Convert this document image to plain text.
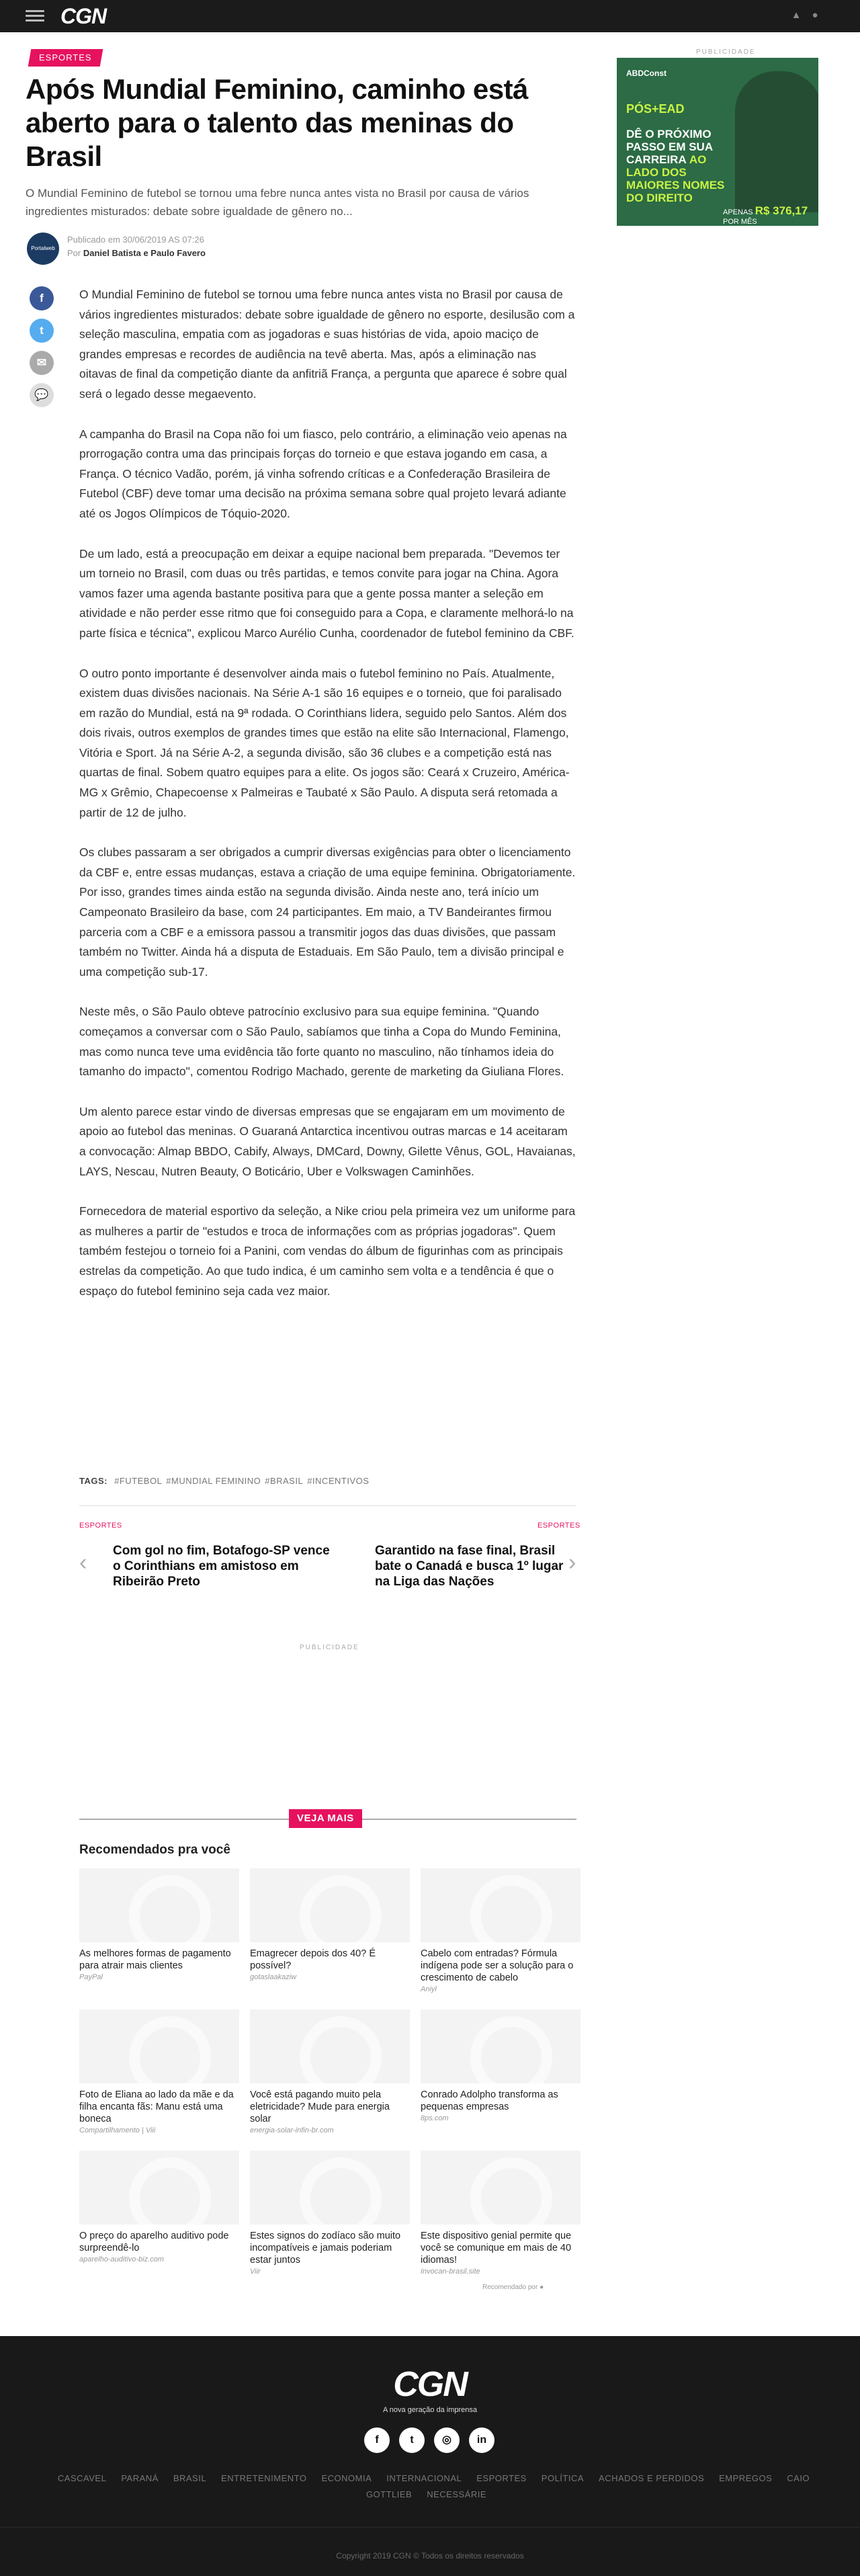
CGN	▲ ●
ESPORTES
Após Mundial Feminino, caminho está aberto para o talento das meninas do Brasil

O Mundial Feminino de futebol se tornou uma febre nunca antes vista no Brasil por causa de vários ingredientes misturados: debate sobre igualdade de gênero no...

Portalweb
Publicado em 30/06/2019 AS 07:26
Por Daniel Batista e Paulo Favero
f
t
✉
💬

O Mundial Feminino de futebol se tornou uma febre nunca antes vista no Brasil por causa de vários ingredientes misturados: debate sobre igualdade de gênero no esporte, desilusão com a seleção masculina, empatia com as jogadoras e suas histórias de vida, apoio maciço de grandes empresas e recordes de audiência na tevê aberta. Mas, após a eliminação nas oitavas de final da competição diante da anfitriã França, a pergunta que aparece é sobre qual será o legado desse megaevento.

A campanha do Brasil na Copa não foi um fiasco, pelo contrário, a eliminação veio apenas na prorrogação contra uma das principais forças do torneio e que estava jogando em casa, a França. O técnico Vadão, porém, já vinha sofrendo críticas e a Confederação Brasileira de Futebol (CBF) deve tomar uma decisão na próxima semana sobre qual projeto levará adiante até os Jogos Olímpicos de Tóquio-2020.

De um lado, está a preocupação em deixar a equipe nacional bem preparada. "Devemos ter um torneio no Brasil, com duas ou três partidas, e temos convite para jogar na China. Agora vamos fazer uma agenda bastante positiva para que a gente possa manter a seleção em atividade e não perder esse ritmo que foi conseguido para a Copa, e claramente melhorá-lo na parte física e técnica", explicou Marco Aurélio Cunha, coordenador de futebol feminino da CBF.

O outro ponto importante é desenvolver ainda mais o futebol feminino no País. Atualmente, existem duas divisões nacionais. Na Série A-1 são 16 equipes e o torneio, que foi paralisado em razão do Mundial, está na 9ª rodada. O Corinthians lidera, seguido pelo Santos. Além dos dois rivais, outros exemplos de grandes times que estão na elite são Internacional, Flamengo, Vitória e Sport. Já na Série A-2, a segunda divisão, são 36 clubes e a competição está nas quartas de final. Sobem quatro equipes para a elite. Os jogos são: Ceará x Cruzeiro, América-MG x Grêmio, Chapecoense x Palmeiras e Taubaté x São Paulo. A disputa será retomada a partir de 12 de julho.

Os clubes passaram a ser obrigados a cumprir diversas exigências para obter o licenciamento da CBF e, entre essas mudanças, estava a criação de uma equipe feminina. Obrigatoriamente. Por isso, grandes times ainda estão na segunda divisão. Ainda neste ano, terá início um Campeonato Brasileiro da base, com 24 participantes. Em maio, a TV Bandeirantes firmou parceria com a CBF e a emissora passou a transmitir jogos das duas divisões, que passam também no Twitter. Ainda há a disputa de Estaduais. Em São Paulo, tem a divisão principal e uma competição sub-17.

Neste mês, o São Paulo obteve patrocínio exclusivo para sua equipe feminina. "Quando começamos a conversar com o São Paulo, sabíamos que tinha a Copa do Mundo Feminina, mas como nunca teve uma evidência tão forte quanto no masculino, não tínhamos ideia do tamanho do impacto", comentou Rodrigo Machado, gerente de marketing da Giuliana Flores.

Um alento parece estar vindo de diversas empresas que se engajaram em um movimento de apoio ao futebol das meninas. O Guaraná Antarctica incentivou outras marcas e 14 aceitaram a convocação: Almap BBDO, Cabify, Always, DMCard, Downy, Gilette Vênus, GOL, Havaianas, LAYS, Nescau, Nutren Beauty, O Boticário, Uber e Volkswagen Caminhões.

Fornecedora de material esportivo da seleção, a Nike criou pela primeira vez um uniforme para as mulheres a partir de "estudos e troca de informações com as próprias jogadoras". Quem também festejou o torneio foi a Panini, com vendas do álbum de figurinhas com as principais estrelas da competição. Ao que tudo indica, é um caminho sem volta e a tendência é que o espaço do futebol feminino seja cada vez maior.

TAGS: #FUTEBOL #MUNDIAL FEMININO #BRASIL #INCENTIVOS
ESPORTES	ESPORTES
‹ Com gol no fim, Botafogo-SP vence o Corinthians em amistoso em Ribeirão Preto
Garantido na fase final, Brasil bate o Canadá e busca 1º lugar na Liga das Nações
›
PUBLICIDADE
VEJA MAIS
Recomendados pra você
As melhores formas de pagamento para atrair mais clientes
PayPal
Emagrecer depois dos 40? É possível?
gotaslaakaziw
Cabelo com entradas? Fórmula indígena pode ser a solução para o crescimento de cabelo
Aniyl
Foto de Eliana ao lado da mãe e da filha encanta fãs: Manu está uma boneca
Compartilhamento | Viii
Você está pagando muito pela eletricidade? Mude para energia solar
energia-solar-infin-br.com
Conrado Adolpho transforma as pequenas empresas
8ps.com
O preço do aparelho auditivo pode surpreendê-lo
aparelho-auditivo-biz.com
Estes signos do zodíaco são muito incompatíveis e jamais poderiam estar juntos
Viir
Este dispositivo genial permite que você se comunique em mais de 40 idiomas!
Invocan-brasil.site
Recomendado por ●
PUBLICIDADE
ABDConst
PÓS+EAD
DÊ O PRÓXIMO PASSO EM SUA CARREIRA AO LADO DOS MAIORES NOMES DO DIREITO
APENAS R$ 376,17 POR MÊS
CGN
A nova geração da imprensa
f	t	◎	in
CASCAVEL PARANÁ BRASIL ENTRETENIMENTO ECONOMIA INTERNACIONAL ESPORTES POLÍTICA ACHADOS E PERDIDOS EMPREGOS CAIO GOTTLIEB NECESSÁRIE
Copyright 2019 CGN © Todos os direitos reservados
